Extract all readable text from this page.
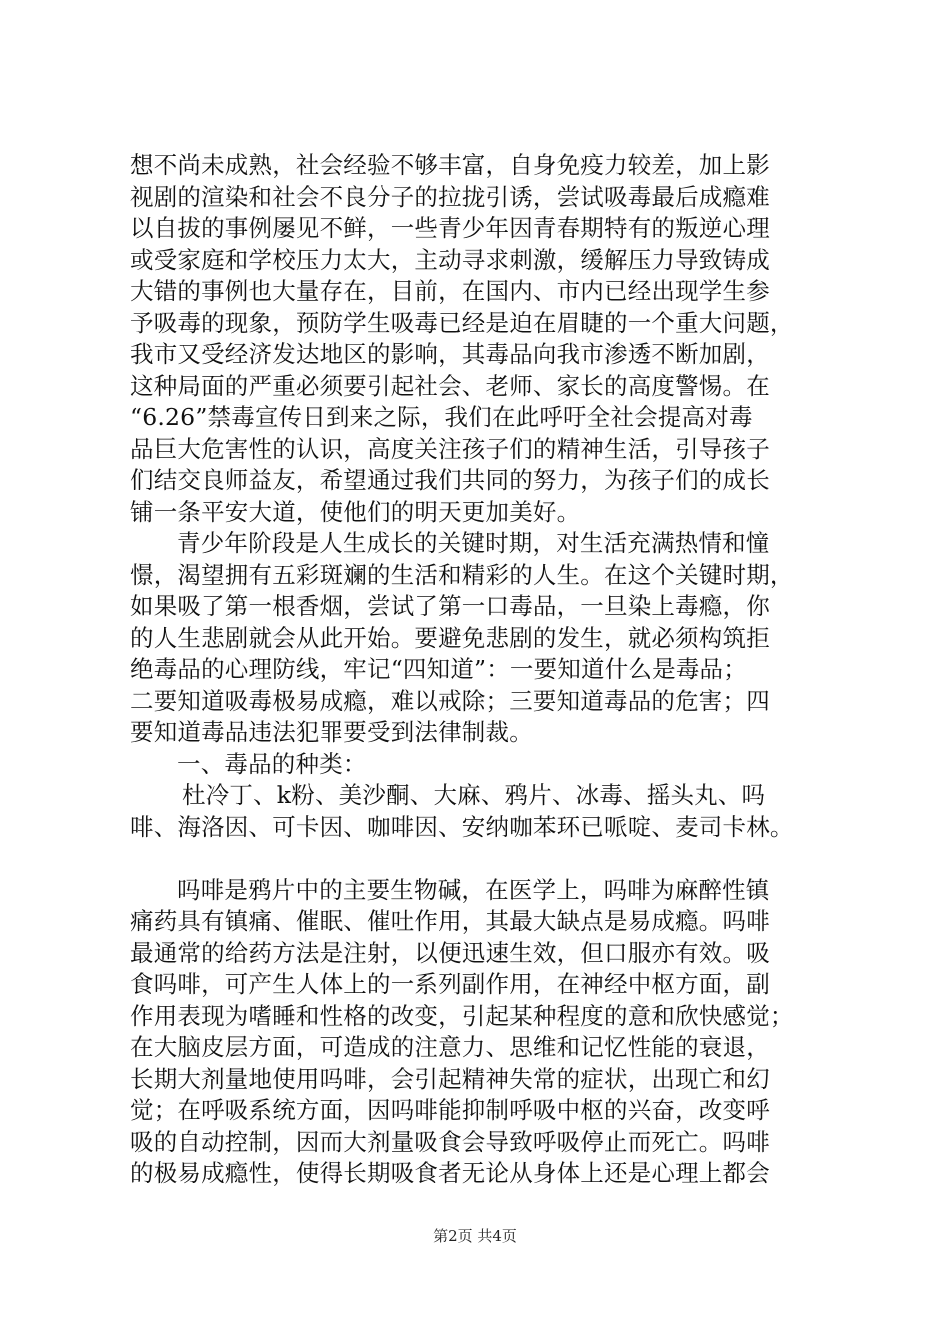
想不尚未成熟，社会经验不够丰富，自身免疫力较差，加上影
视剧的渲染和社会不良分子的拉拢引诱，尝试吸毒最后成瘾难
以自拔的事例屡见不鲜，一些青少年因青春期特有的叛逆心理
或受家庭和学校压力太大，主动寻求刺激，缓解压力导致铸成
大错的事例也大量存在，目前，在国内、市内已经出现学生参
予吸毒的现象，预防学生吸毒已经是迫在眉睫的一个重大问题，
我市又受经济发达地区的影响，其毒品向我市渗透不断加剧，
这种局面的严重必须要引起社会、老师、家长的高度警惕。在
“6.26”禁毒宣传日到来之际，我们在此呼吁全社会提高对毒
品巨大危害性的认识，高度关注孩子们的精神生活，引导孩子
们结交良师益友，希望通过我们共同的努力，为孩子们的成长
铺一条平安大道，使他们的明天更加美好。
青少年阶段是人生成长的关键时期，对生活充满热情和憧
憬，渴望拥有五彩斑斓的生活和精彩的人生。在这个关键时期，
如果吸了第一根香烟，尝试了第一口毒品，一旦染上毒瘾，你
的人生悲剧就会从此开始。要避免悲剧的发生，就必须构筑拒
绝毒品的心理防线，牢记“四知道”：一要知道什么是毒品；
二要知道吸毒极易成瘾，难以戒除；三要知道毒品的危害；四
要知道毒品违法犯罪要受到法律制裁。
一、毒品的种类：
杜冷丁、k粉、美沙酮、大麻、鸦片、冰毒、摇头丸、吗
啡、海洛因、可卡因、咖啡因、安纳咖苯环已哌啶、麦司卡林。
吗啡是鸦片中的主要生物碱，在医学上，吗啡为麻醉性镇
痛药具有镇痛、催眠、催吐作用，其最大缺点是易成瘾。吗啡
最通常的给药方法是注射，以便迅速生效，但口服亦有效。吸
食吗啡，可产生人体上的一系列副作用，在神经中枢方面，副
作用表现为嗜睡和性格的改变，引起某种程度的意和欣快感觉；
在大脑皮层方面，可造成的注意力、思维和记忆性能的衰退，
长期大剂量地使用吗啡，会引起精神失常的症状，出现亡和幻
觉；在呼吸系统方面，因吗啡能抑制呼吸中枢的兴奋，改变呼
吸的自动控制，因而大剂量吸食会导致呼吸停止而死亡。吗啡
的极易成瘾性，使得长期吸食者无论从身体上还是心理上都会
第2页 共4页
